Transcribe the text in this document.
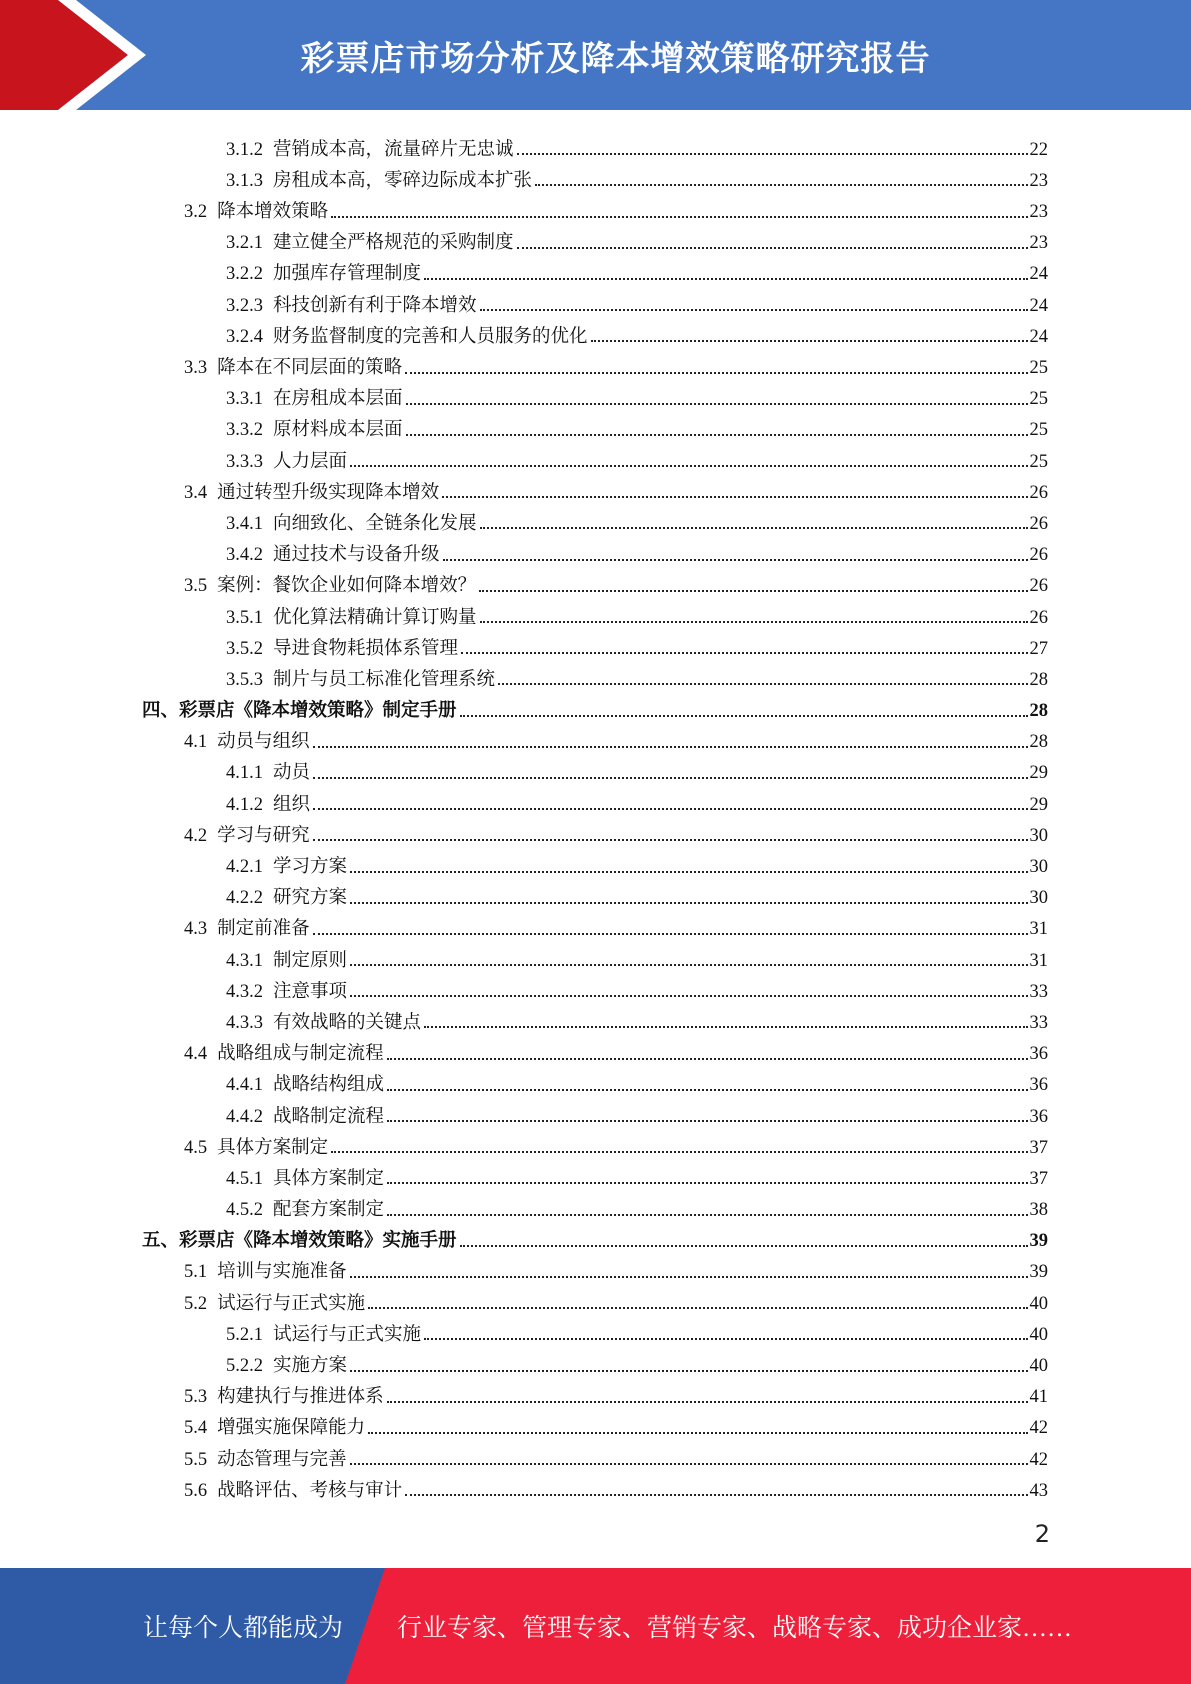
彩票店市场分析及降本增效策略研究报告
3.1.2 营销成本高，流量碎片无忠诚	22
3.1.3 房租成本高，零碎边际成本扩张	23
3.2 降本增效策略	23
3.2.1 建立健全严格规范的采购制度	23
3.2.2 加强库存管理制度	24
3.2.3 科技创新有利于降本增效	24
3.2.4 财务监督制度的完善和人员服务的优化	24
3.3 降本在不同层面的策略	25
3.3.1 在房租成本层面	25
3.3.2 原材料成本层面	25
3.3.3 人力层面	25
3.4 通过转型升级实现降本增效	26
3.4.1 向细致化、全链条化发展	26
3.4.2 通过技术与设备升级	26
3.5 案例：餐饮企业如何降本增效？	26
3.5.1 优化算法精确计算订购量	26
3.5.2 导进食物耗损体系管理	27
3.5.3 制片与员工标准化管理系统	28
四、 彩票店《降本增效策略》制定手册	28
4.1 动员与组织	28
4.1.1 动员	29
4.1.2 组织	29
4.2 学习与研究	30
4.2.1 学习方案	30
4.2.2 研究方案	30
4.3 制定前准备	31
4.3.1 制定原则	31
4.3.2 注意事项	33
4.3.3 有效战略的关键点	33
4.4 战略组成与制定流程	36
4.4.1 战略结构组成	36
4.4.2 战略制定流程	36
4.5 具体方案制定	37
4.5.1 具体方案制定	37
4.5.2 配套方案制定	38
五、 彩票店《降本增效策略》实施手册	39
5.1 培训与实施准备	39
5.2 试运行与正式实施	40
5.2.1 试运行与正式实施	40
5.2.2 实施方案	40
5.3 构建执行与推进体系	41
5.4 增强实施保障能力	42
5.5 动态管理与完善	42
5.6 战略评估、考核与审计	43
2
让每个人都能成为 行业专家、管理专家、营销专家、战略专家、成功企业家……
